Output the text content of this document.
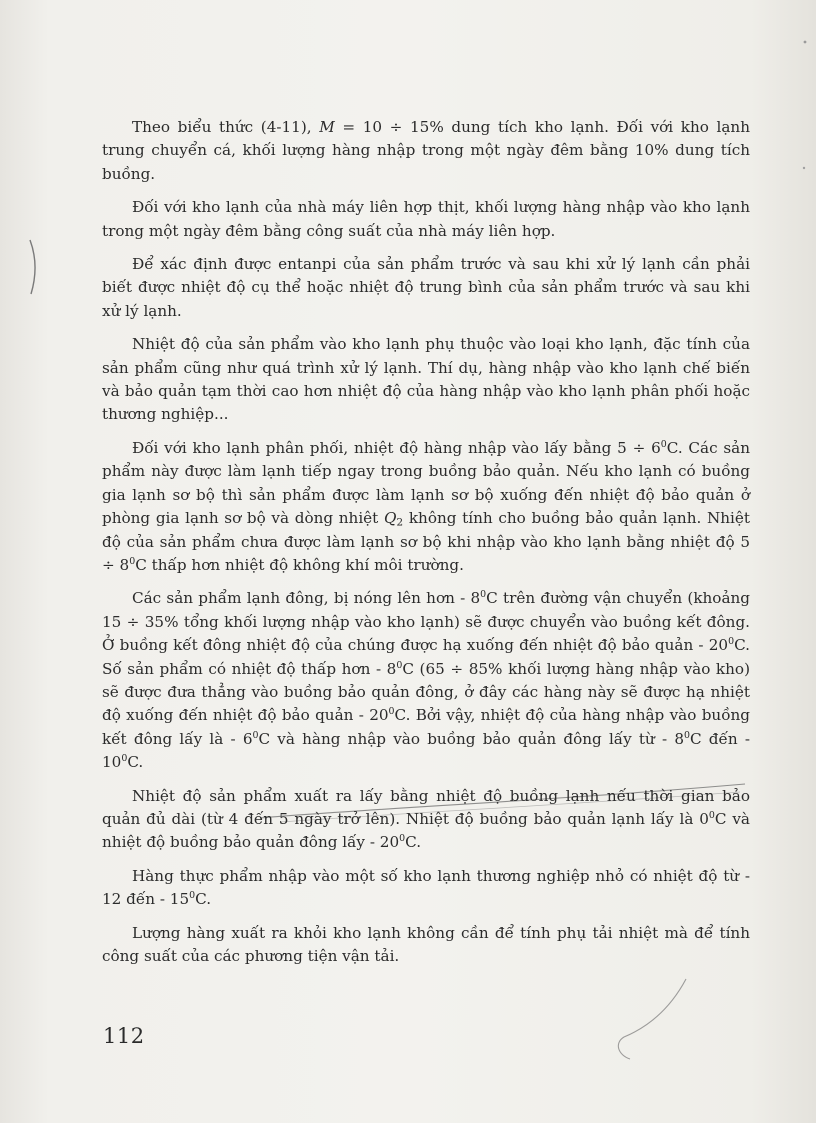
Theo biểu thức (4-11), M = 10 ÷ 15% dung tích kho lạnh. Đối với kho lạnh trung chuyển cá, khối lượng hàng nhập trong một ngày đêm bằng 10% dung tích buồng.

Đối với kho lạnh của nhà máy liên hợp thịt, khối lượng hàng nhập vào kho lạnh trong một ngày đêm bằng công suất của nhà máy liên hợp.

Để xác định được entanpi của sản phẩm trước và sau khi xử lý lạnh cần phải biết được nhiệt độ cụ thể hoặc nhiệt độ trung bình của sản phẩm trước và sau khi xử lý lạnh.

Nhiệt độ của sản phẩm vào kho lạnh phụ thuộc vào loại kho lạnh, đặc tính của sản phẩm cũng như quá trình xử lý lạnh. Thí dụ, hàng nhập vào kho lạnh chế biến và bảo quản tạm thời cao hơn nhiệt độ của hàng nhập vào kho lạnh phân phối hoặc thương nghiệp...

Đối với kho lạnh phân phối, nhiệt độ hàng nhập vào lấy bằng $5 \div 6^0C$. Các sản phẩm này được làm lạnh tiếp ngay trong buồng bảo quản. Nếu kho lạnh có buồng gia lạnh sơ bộ thì sản phẩm được làm lạnh sơ bộ xuống đến nhiệt độ bảo quản ở phòng gia lạnh sơ bộ và dòng nhiệt $Q_2$ không tính cho buồng bảo quản lạnh. Nhiệt độ của sản phẩm chưa được làm lạnh sơ bộ khi nhập vào kho lạnh bằng nhiệt độ $5 \div 8^0C$ thấp hơn nhiệt độ không khí môi trường.

Các sản phẩm lạnh đông, bị nóng lên hơn - $8^0C$ trên đường vận chuyển (khoảng 15 ÷ 35% tổng khối lượng nhập vào kho lạnh) sẽ được chuyển vào buồng kết đông. Ở buồng kết đông nhiệt độ của chúng được hạ xuống đến nhiệt độ bảo quản - $20^0C$. Số sản phẩm có nhiệt độ thấp hơn - $8^0C$ (65 ÷ 85% khối lượng hàng nhập vào kho) sẽ được đưa thẳng vào buồng bảo quản đông, ở đây các hàng này sẽ được hạ nhiệt độ xuống đến nhiệt độ bảo quản - $20^0C$. Bởi vậy, nhiệt độ của hàng nhập vào buồng kết đông lấy là - $6^0C$ và hàng nhập vào buồng bảo quản đông lấy từ - $8^0C$ đến - $10^0C$.

Nhiệt độ sản phẩm xuất ra lấy bằng nhiệt độ buồng lạnh nếu thời gian bảo quản đủ dài (từ 4 đến 5 ngày trở lên). Nhiệt độ buồng bảo quản lạnh lấy là $0^0C$ và nhiệt độ buồng bảo quản đông lấy - $20^0C$.

Hàng thực phẩm nhập vào một số kho lạnh thương nghiệp nhỏ có nhiệt độ từ - 12 đến - $15^0C$.

Lượng hàng xuất ra khỏi kho lạnh không cần để tính phụ tải nhiệt mà để tính công suất của các phương tiện vận tải.

112
